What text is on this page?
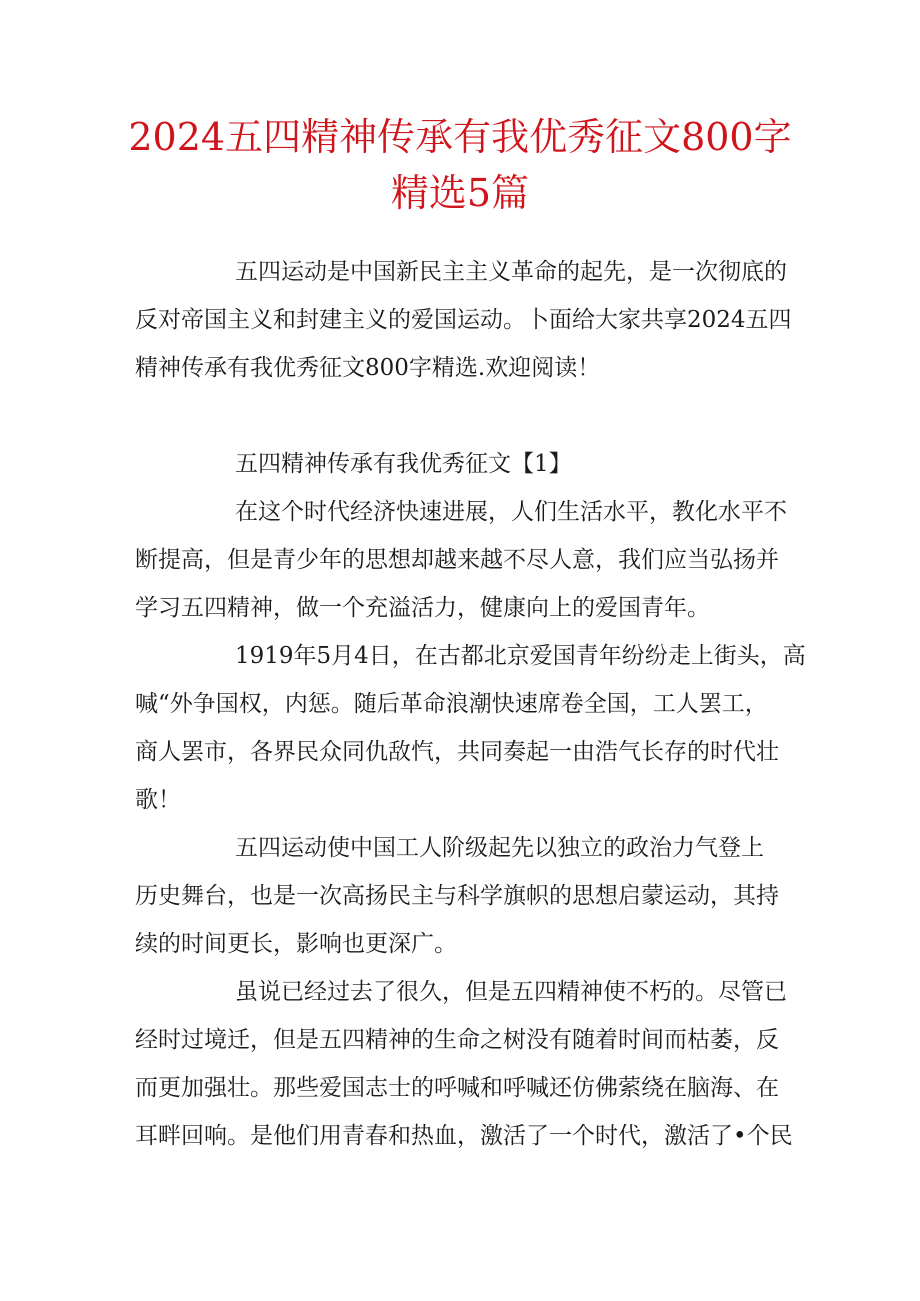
2024五四精神传承有我优秀征文800字
精选5篇

五四运动是中国新民主主义革命的起先，是一次彻底的

反对帝国主义和封建主义的爱国运动。卜面给大家共享2024五四

精神传承有我优秀征文800字精选.欢迎阅读！

五四精神传承有我优秀征文【1】

在这个时代经济快速进展，人们生活水平，教化水平不

断提高，但是青少年的思想却越来越不尽人意，我们应当弘扬并

学习五四精神，做一个充溢活力，健康向上的爱国青年。

1919年5月4日，在古都北京爱国青年纷纷走上街头，高

喊“外争国权，内惩。随后革命浪潮快速席卷全国，工人罢工，

商人罢市，各界民众同仇敌忾，共同奏起一由浩气长存的时代壮

歌！

五四运动使中国工人阶级起先以独立的政治力气登上

历史舞台，也是一次高扬民主与科学旗帜的思想启蒙运动，其持

续的时间更长，影响也更深广。

虽说已经过去了很久，但是五四精神使不朽的。尽管已

经时过境迁，但是五四精神的生命之树没有随着时间而枯萎，反

而更加强壮。那些爱国志士的呼喊和呼喊还仿佛萦绕在脑海、在

耳畔回响。是他们用青春和热血，激活了一个时代，激活了•个民
